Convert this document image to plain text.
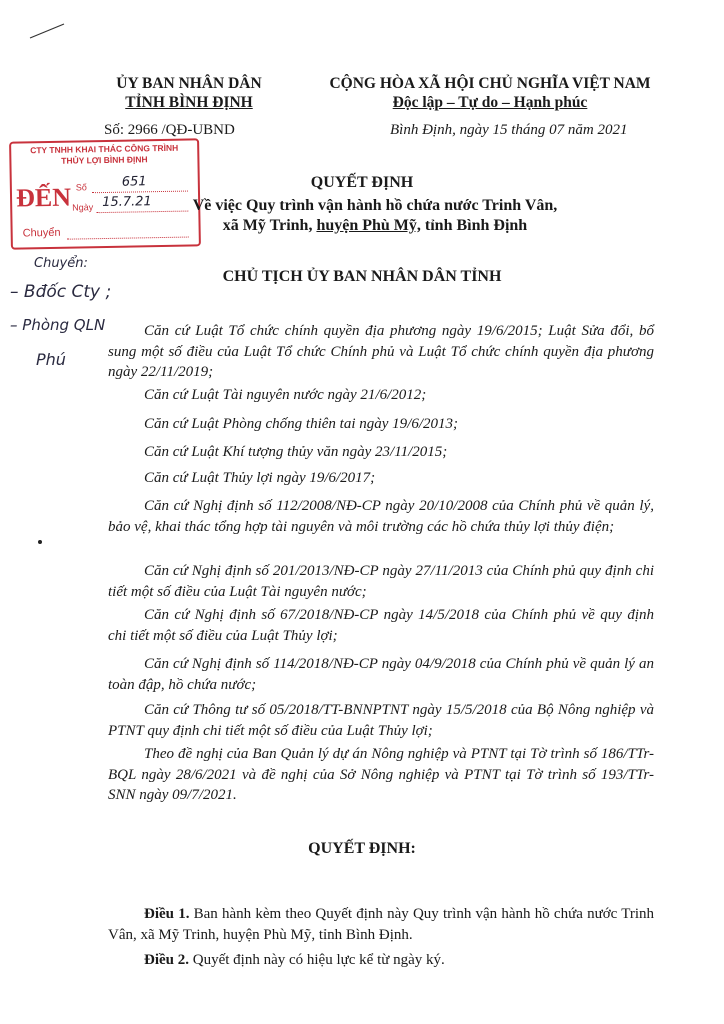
ỦY BAN NHÂN DÂN
TỈNH BÌNH ĐỊNH
CỘNG HÒA XÃ HỘI CHỦ NGHĨA VIỆT NAM
Độc lập – Tự do – Hạnh phúc
Số: 2966 /QĐ-UBND	Bình Định, ngày 15 tháng 07 năm 2021
CTY TNHH KHAI THÁC CÔNG TRÌNH
THỦY LỢI BÌNH ĐỊNH
ĐẾN Số	651
Ngày 15.7.21
Chuyển
Chuyển:
– Bđốc Cty ;
– Phòng QLN
Phú
QUYẾT ĐỊNH
Về việc Quy trình vận hành hồ chứa nước Trinh Vân,
xã Mỹ Trinh, huyện Phù Mỹ, tỉnh Bình Định
CHỦ TỊCH ỦY BAN NHÂN DÂN TỈNH
Căn cứ Luật Tổ chức chính quyền địa phương ngày 19/6/2015; Luật Sửa đổi, bổ sung một số điều của Luật Tổ chức Chính phủ và Luật Tổ chức chính quyền địa phương ngày 22/11/2019;
Căn cứ Luật Tài nguyên nước ngày 21/6/2012;
Căn cứ Luật Phòng chống thiên tai ngày 19/6/2013;
Căn cứ Luật Khí tượng thủy văn ngày 23/11/2015;
Căn cứ Luật Thủy lợi ngày 19/6/2017;
Căn cứ Nghị định số 112/2008/NĐ-CP ngày 20/10/2008 của Chính phủ về quản lý, bảo vệ, khai thác tổng hợp tài nguyên và môi trường các hồ chứa thủy lợi thủy điện;
Căn cứ Nghị định số 201/2013/NĐ-CP ngày 27/11/2013 của Chính phủ quy định chi tiết một số điều của Luật Tài nguyên nước;
Căn cứ Nghị định số 67/2018/NĐ-CP ngày 14/5/2018 của Chính phủ về quy định chi tiết một số điều của Luật Thủy lợi;
Căn cứ Nghị định số 114/2018/NĐ-CP ngày 04/9/2018 của Chính phủ về quản lý an toàn đập, hồ chứa nước;
Căn cứ Thông tư số 05/2018/TT-BNNPTNT ngày 15/5/2018 của Bộ Nông nghiệp và PTNT quy định chi tiết một số điều của Luật Thủy lợi;
Theo đề nghị của Ban Quản lý dự án Nông nghiệp và PTNT tại Tờ trình số 186/TTr-BQL ngày 28/6/2021 và đề nghị của Sở Nông nghiệp và PTNT tại Tờ trình số 193/TTr-SNN ngày 09/7/2021.
QUYẾT ĐỊNH:
Điều 1. Ban hành kèm theo Quyết định này Quy trình vận hành hồ chứa nước Trinh Vân, xã Mỹ Trinh, huyện Phù Mỹ, tỉnh Bình Định.
Điều 2. Quyết định này có hiệu lực kể từ ngày ký.
